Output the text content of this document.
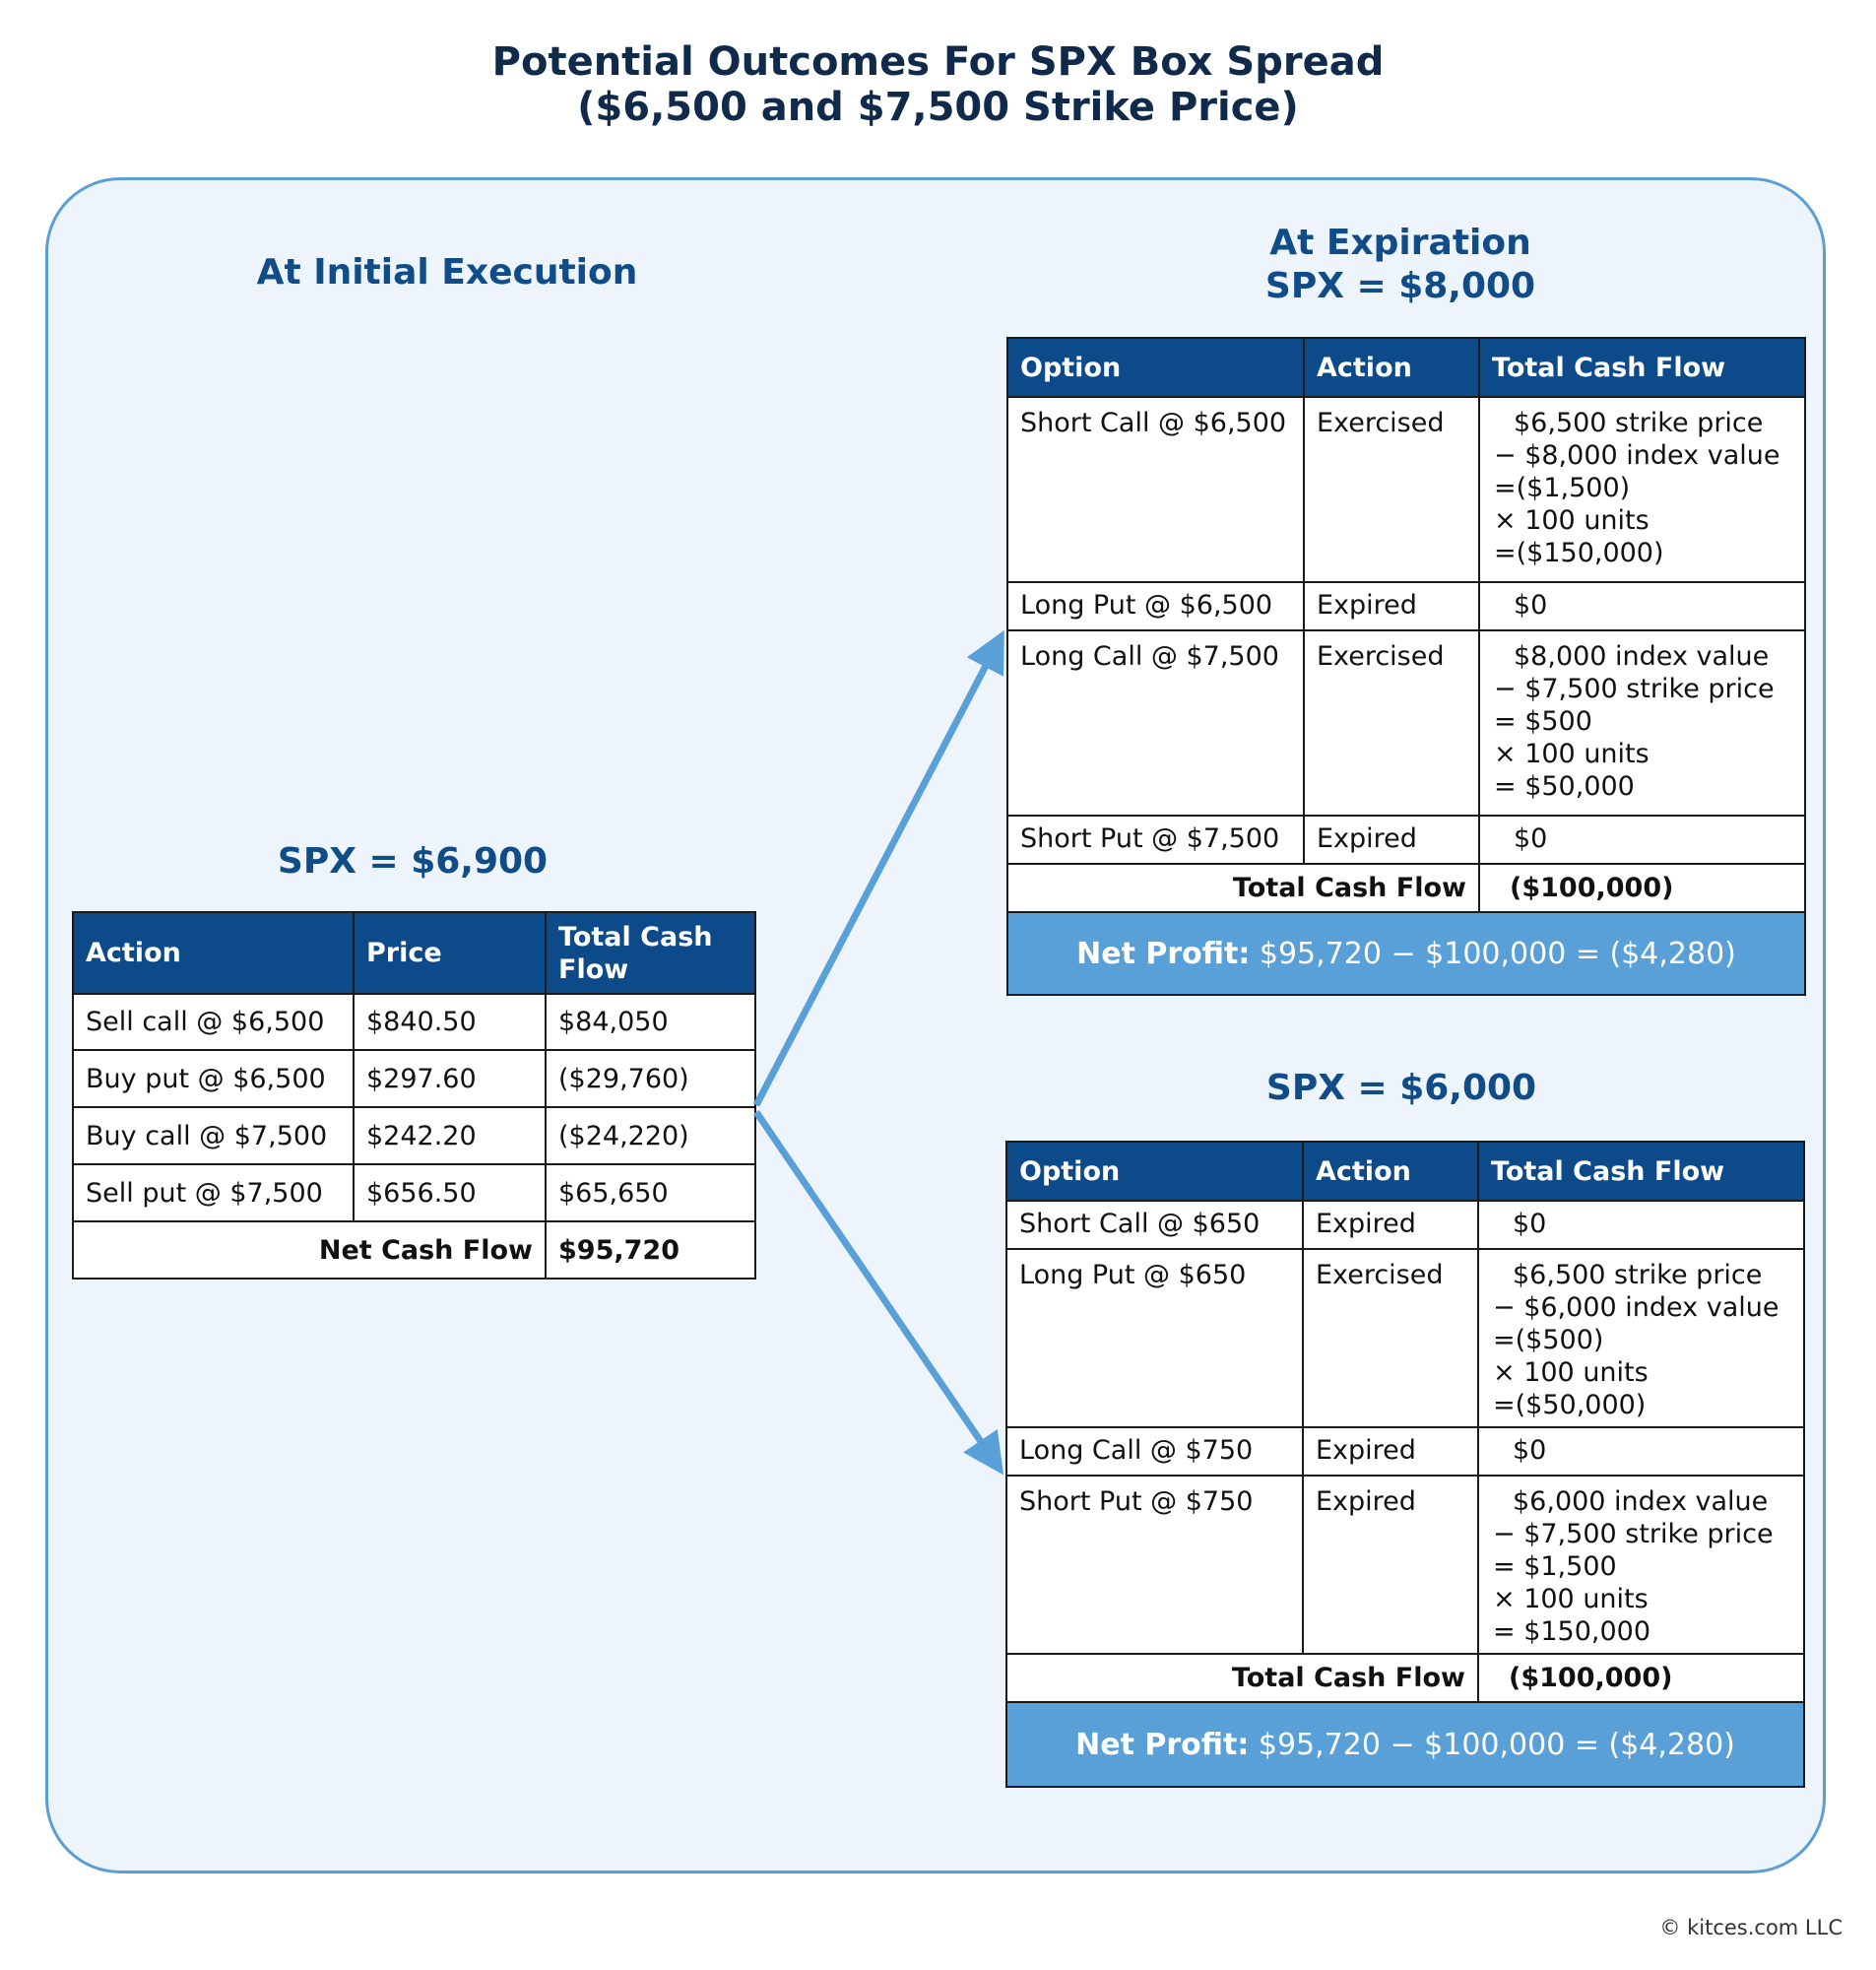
Potential Outcomes For SPX Box Spread
($6,500 and $7,500 Strike Price)
At Initial Execution
At Expiration
SPX = $8,000
SPX = $6,900
SPX = $6,000
Action	Price	Total Cash Flow
Sell call @ $6,500	$840.50	$84,050
Buy put @ $6,500	$297.60	($29,760)
Buy call @ $7,500	$242.20	($24,220)
Sell put @ $7,500	$656.50	$65,650
Net Cash Flow		$95,720
Option	Action	Total Cash Flow
Short Call @ $6,500	Exercised	$6,500 strike price
− $8,000 index value
=($1,500)
× 100 units
=($150,000)

Long Put @ $6,500	Expired	$0

Long Call @ $7,500	Exercised	$8,000 index value
− $7,500 strike price
= $500
× 100 units
= $50,000

Short Put @ $7,500	Expired	$0

Total Cash Flow		($100,000)
Net Profit: $95,720 − $100,000 = ($4,280)		
Option	Action	Total Cash Flow
Short Call @ $650	Expired	$0

Long Put @ $650	Exercised	$6,500 strike price
− $6,000 index value
=($500)
× 100 units
=($50,000)

Long Call @ $750	Expired	$0

Short Put @ $750	Expired	$6,000 index value
− $7,500 strike price
= $1,500
× 100 units
= $150,000

Total Cash Flow		($100,000)
Net Profit: $95,720 − $100,000 = ($4,280)		
© kitces.com LLC
